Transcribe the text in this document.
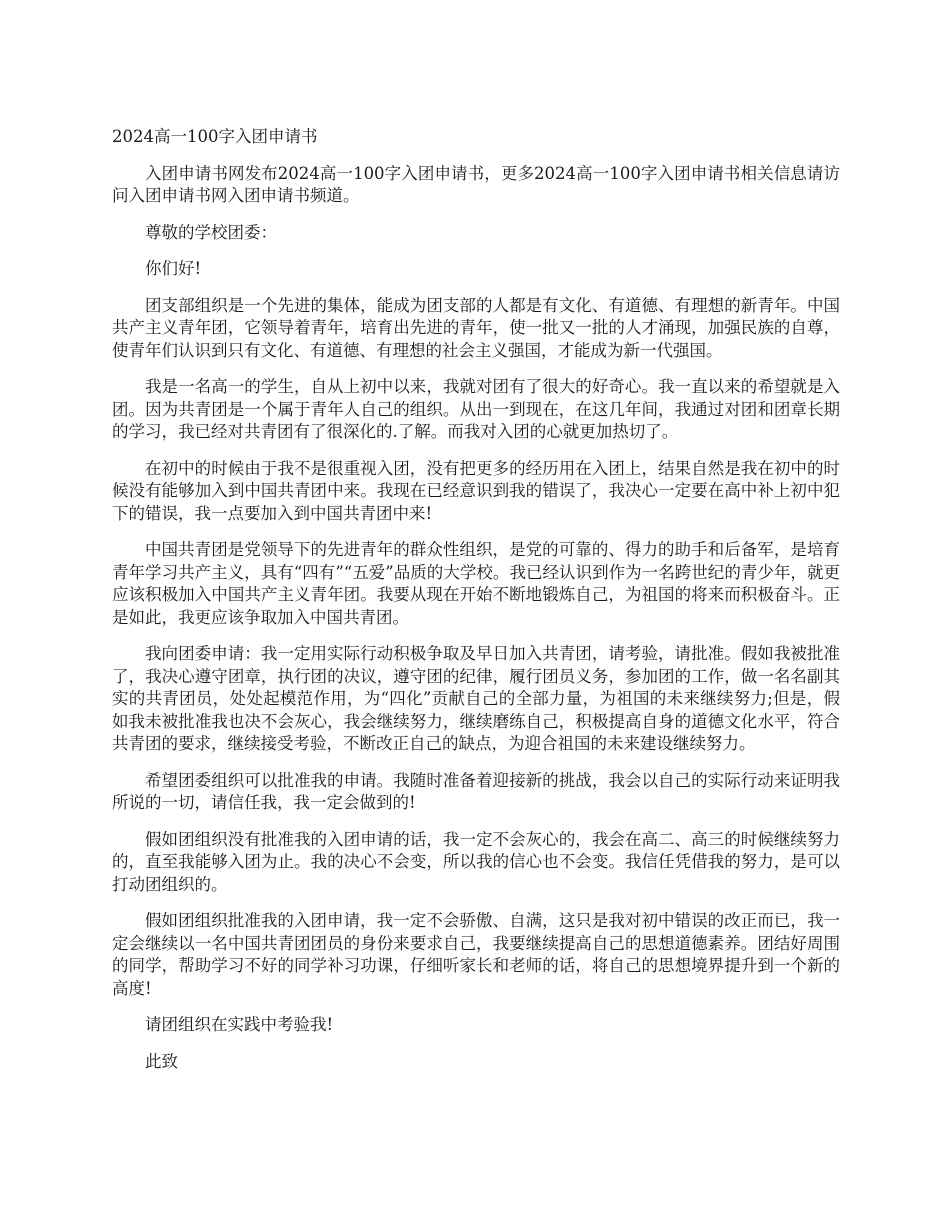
2024高一100字入团申请书

入团申请书网发布2024高一100字入团申请书，更多2024高一100字入团申请书相关信息请访问入团申请书网入团申请书频道。

尊敬的学校团委：

你们好!

团支部组织是一个先进的集体，能成为团支部的人都是有文化、有道德、有理想的新青年。中国共产主义青年团，它领导着青年，培育出先进的青年，使一批又一批的人才涌现，加强民族的自尊，使青年们认识到只有文化、有道德、有理想的社会主义强国，才能成为新一代强国。

我是一名高一的学生，自从上初中以来，我就对团有了很大的好奇心。我一直以来的希望就是入团。因为共青团是一个属于青年人自己的组织。从出一到现在，在这几年间，我通过对团和团章长期的学习，我已经对共青团有了很深化的.了解。而我对入团的心就更加热切了。

在初中的时候由于我不是很重视入团，没有把更多的经历用在入团上，结果自然是我在初中的时候没有能够加入到中国共青团中来。我现在已经意识到我的错误了，我决心一定要在高中补上初中犯下的错误，我一点要加入到中国共青团中来!

中国共青团是党领导下的先进青年的群众性组织，是党的可靠的、得力的助手和后备军，是培育青年学习共产主义，具有“四有”“五爱”品质的大学校。我已经认识到作为一名跨世纪的青少年，就更应该积极加入中国共产主义青年团。我要从现在开始不断地锻炼自己，为祖国的将来而积极奋斗。正是如此，我更应该争取加入中国共青团。

我向团委申请：我一定用实际行动积极争取及早日加入共青团，请考验，请批准。假如我被批准了，我决心遵守团章，执行团的决议，遵守团的纪律，履行团员义务，参加团的工作，做一名名副其实的共青团员，处处起模范作用，为“四化”贡献自己的全部力量，为祖国的未来继续努力;但是，假如我未被批准我也决不会灰心，我会继续努力，继续磨练自己，积极提高自身的道德文化水平，符合共青团的要求，继续接受考验，不断改正自己的缺点，为迎合祖国的未来建设继续努力。

希望团委组织可以批准我的申请。我随时准备着迎接新的挑战，我会以自己的实际行动来证明我所说的一切，请信任我，我一定会做到的!

假如团组织没有批准我的入团申请的话，我一定不会灰心的，我会在高二、高三的时候继续努力的，直至我能够入团为止。我的决心不会变，所以我的信心也不会变。我信任凭借我的努力，是可以打动团组织的。

假如团组织批准我的入团申请，我一定不会骄傲、自满，这只是我对初中错误的改正而已，我一定会继续以一名中国共青团团员的身份来要求自己，我要继续提高自己的思想道德素养。团结好周围的同学，帮助学习不好的同学补习功课，仔细听家长和老师的话，将自己的思想境界提升到一个新的高度!

请团组织在实践中考验我!

此致
